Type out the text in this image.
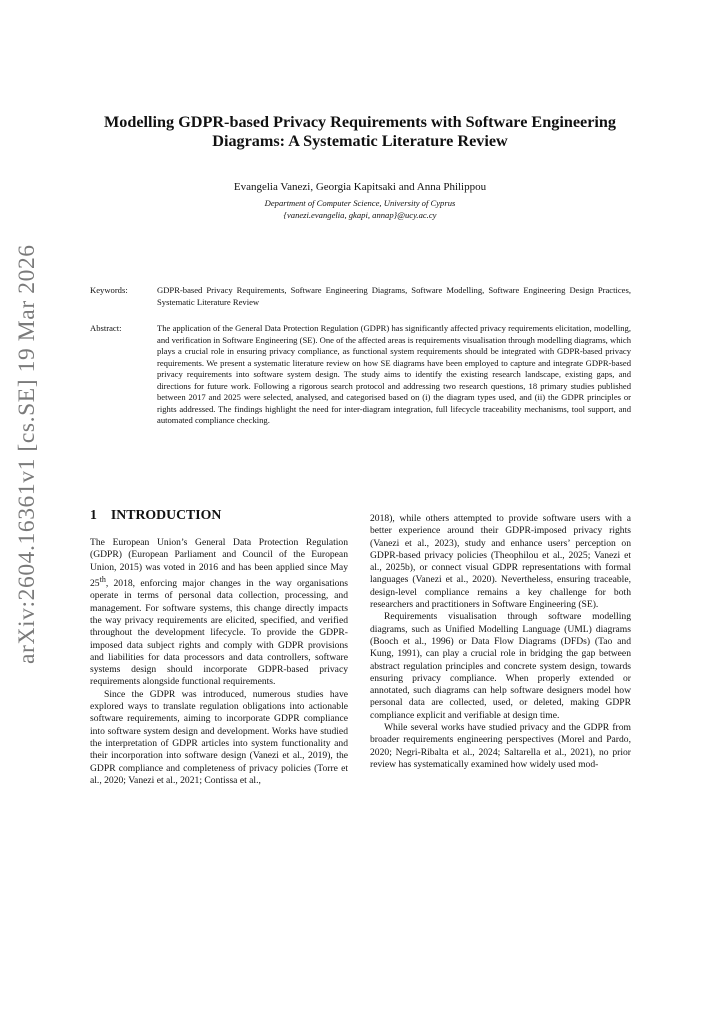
arXiv:2604.16361v1 [cs.SE] 19 Mar 2026
Modelling GDPR-based Privacy Requirements with Software Engineering Diagrams: A Systematic Literature Review

Evangelia Vanezi, Georgia Kapitsaki and Anna Philippou

Department of Computer Science, University of Cyprus
{vanezi.evangelia, gkapi, annap}@ucy.ac.cy
Keywords:	GDPR-based Privacy Requirements, Software Engineering Diagrams, Software Modelling, Software Engineering Design Practices, Systematic Literature Review

Abstract:	The application of the General Data Protection Regulation (GDPR) has significantly affected privacy requirements elicitation, modelling, and verification in Software Engineering (SE). One of the affected areas is requirements visualisation through modelling diagrams, which plays a crucial role in ensuring privacy compliance, as functional system requirements should be integrated with GDPR-based privacy requirements. We present a systematic literature review on how SE diagrams have been employed to capture and integrate GDPR-based privacy requirements into software system design. The study aims to identify the existing research landscape, existing gaps, and directions for future work. Following a rigorous search protocol and addressing two research questions, 18 primary studies published between 2017 and 2025 were selected, analysed, and categorised based on (i) the diagram types used, and (ii) the GDPR principles or rights addressed. The findings highlight the need for inter-diagram integration, full lifecycle traceability mechanisms, tool support, and automated compliance checking.

1 INTRODUCTION

The European Union’s General Data Protection Regulation (GDPR) (European Parliament and Council of the European Union, 2015) was voted in 2016 and has been applied since May 25th, 2018, enforcing major changes in the way organisations operate in terms of personal data collection, processing, and management. For software systems, this change directly impacts the way privacy requirements are elicited, specified, and verified throughout the development lifecycle. To provide the GDPR-imposed data subject rights and comply with GDPR provisions and liabilities for data processors and data controllers, software systems design should incorporate GDPR-based privacy requirements alongside functional requirements.

Since the GDPR was introduced, numerous studies have explored ways to translate regulation obligations into actionable software requirements, aiming to incorporate GDPR compliance into software system design and development. Works have studied the interpretation of GDPR articles into system functionality and their incorporation into software design (Vanezi et al., 2019), the GDPR compliance and completeness of privacy policies (Torre et al., 2020; Vanezi et al., 2021; Contissa et al.,

2018), while others attempted to provide software users with a better experience around their GDPR-imposed privacy rights (Vanezi et al., 2023), study and enhance users’ perception on GDPR-based privacy policies (Theophilou et al., 2025; Vanezi et al., 2025b), or connect visual GDPR representations with formal languages (Vanezi et al., 2020). Nevertheless, ensuring traceable, design-level compliance remains a key challenge for both researchers and practitioners in Software Engineering (SE).

Requirements visualisation through software modelling diagrams, such as Unified Modelling Language (UML) diagrams (Booch et al., 1996) or Data Flow Diagrams (DFDs) (Tao and Kung, 1991), can play a crucial role in bridging the gap between abstract regulation principles and concrete system design, towards ensuring privacy compliance. When properly extended or annotated, such diagrams can help software designers model how personal data are collected, used, or deleted, making GDPR compliance explicit and verifiable at design time.

While several works have studied privacy and the GDPR from broader requirements engineering perspectives (Morel and Pardo, 2020; Negri-Ribalta et al., 2024; Saltarella et al., 2021), no prior review has systematically examined how widely used mod-
